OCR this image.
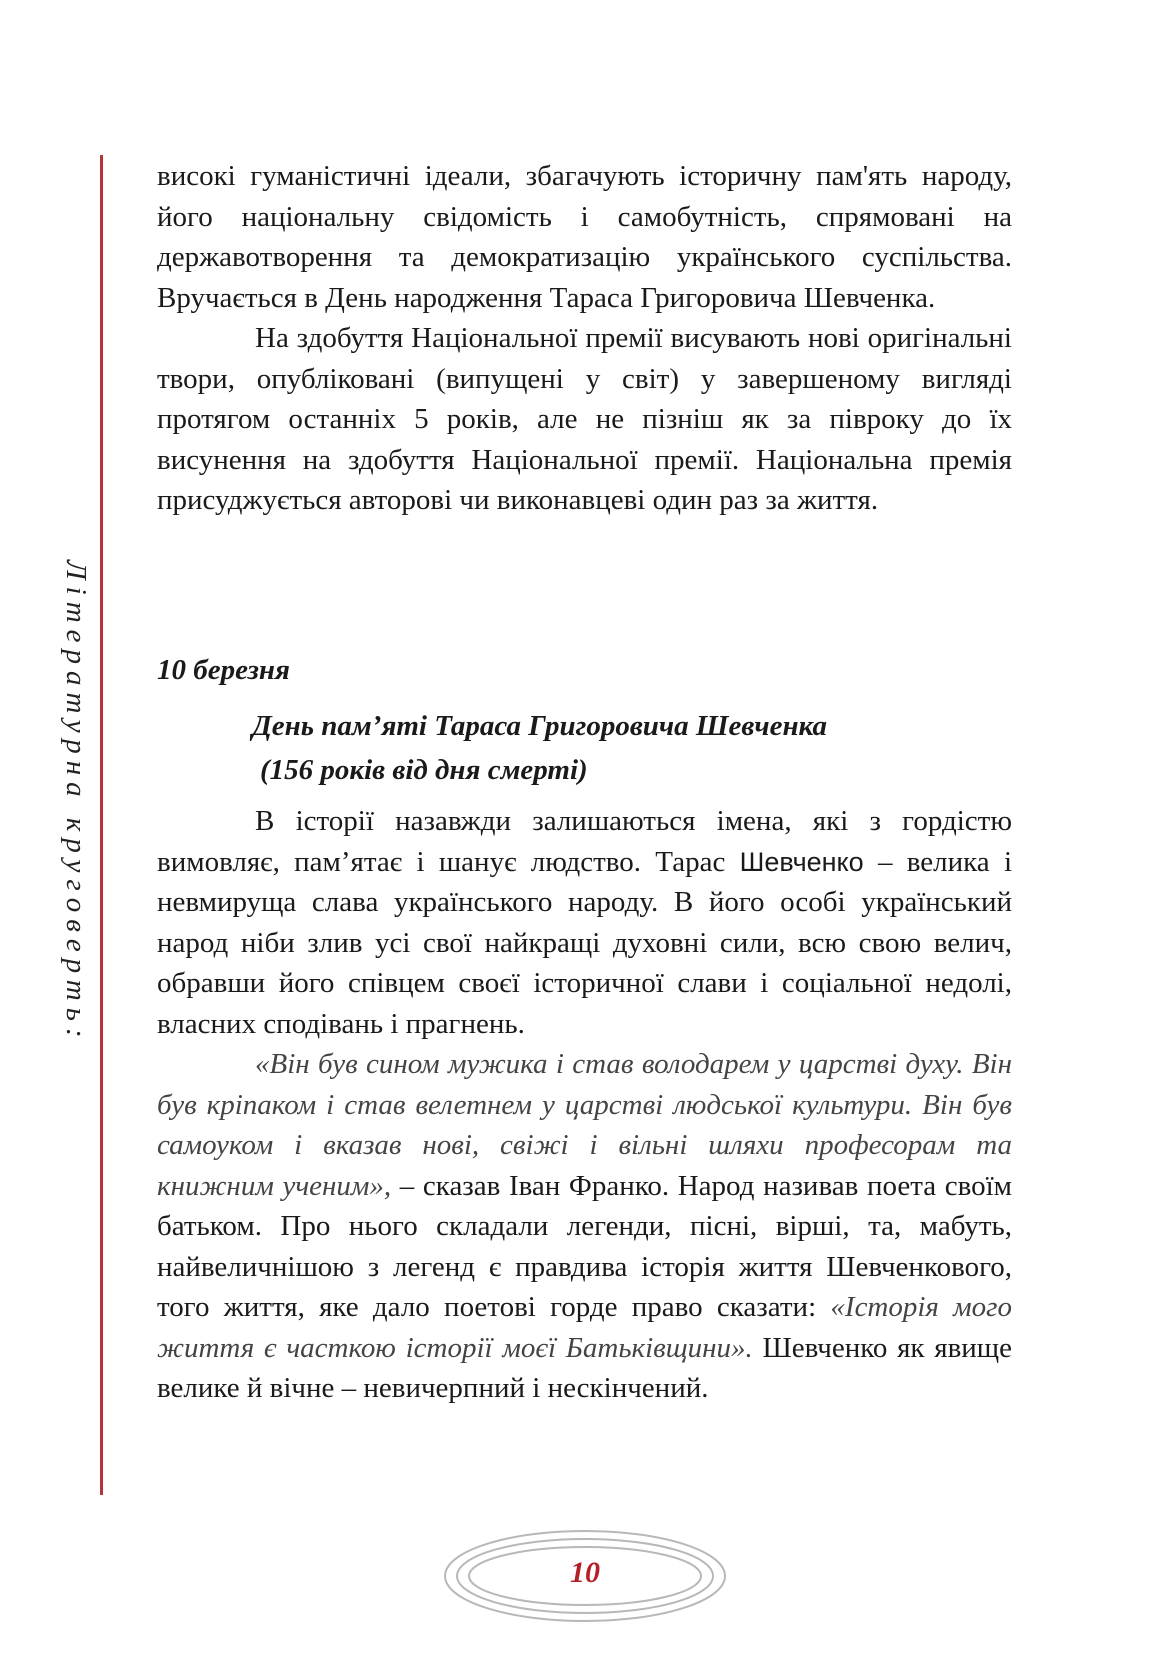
Літературна круговерть:

високі гуманістичні ідеали, збагачують історичну пам'ять народу, його національну свідомість і самобутність, спрямовані на державотворення та демократизацію українського суспільства. Вручається в День народження Тараса Григоровича Шевченка.

На здобуття Національної премії висувають нові оригінальні твори, опубліковані (випущені у світ) у завершеному вигляді протягом останніх 5 років, але не пізніш як за півроку до їх висунення на здобуття Національної премії. Національна премія присуджується авторові чи виконавцеві один раз за життя.

10 березня

День пам’яті Тараса Григоровича Шевченка

(156 років від дня смерті)

В історії назавжди залишаються імена, які з гордістю вимовляє, пам’ятає і шанує людство. Тарас Шевченко – велика і невмируща слава українського народу. В його особі український народ ніби злив усі свої найкращі духовні сили, всю свою велич, обравши його співцем своєї історичної слави і соціальної недолі, власних сподівань і прагнень.

«Він був сином мужика і став володарем у царстві духу. Він був кріпаком і став велетнем у царстві людської культури. Він був самоуком і вказав нові, свіжі і вільні шляхи професорам та книжним ученим», – сказав Іван Франко. Народ називав поета своїм батьком. Про нього складали легенди, пісні, вірші, та, мабуть, найвеличнішою з легенд є правдива історія життя Шевченкового, того життя, яке дало поетові горде право сказати: «Історія мого життя є часткою історії моєї Батьківщини». Шевченко як явище велике й вічне – невичерпний і нескінчений.

10
